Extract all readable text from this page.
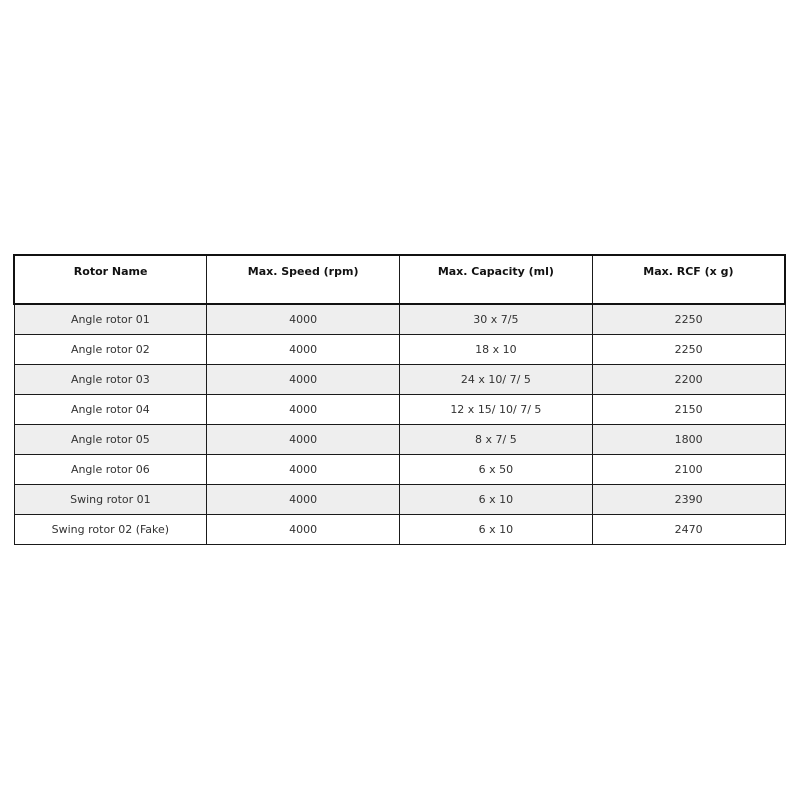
Rotor Name	Max. Speed (rpm)	Max. Capacity (ml)	Max. RCF (x g)
Angle rotor 01	4000	30 x 7/5	2250
Angle rotor 02	4000	18 x 10	2250
Angle rotor 03	4000	24 x 10/ 7/ 5	2200
Angle rotor 04	4000	12 x 15/ 10/ 7/ 5	2150
Angle rotor 05	4000	8 x 7/ 5	1800
Angle rotor 06	4000	6 x 50	2100
Swing rotor 01	4000	6 x 10	2390
Swing rotor 02 (Fake)	4000	6 x 10	2470
